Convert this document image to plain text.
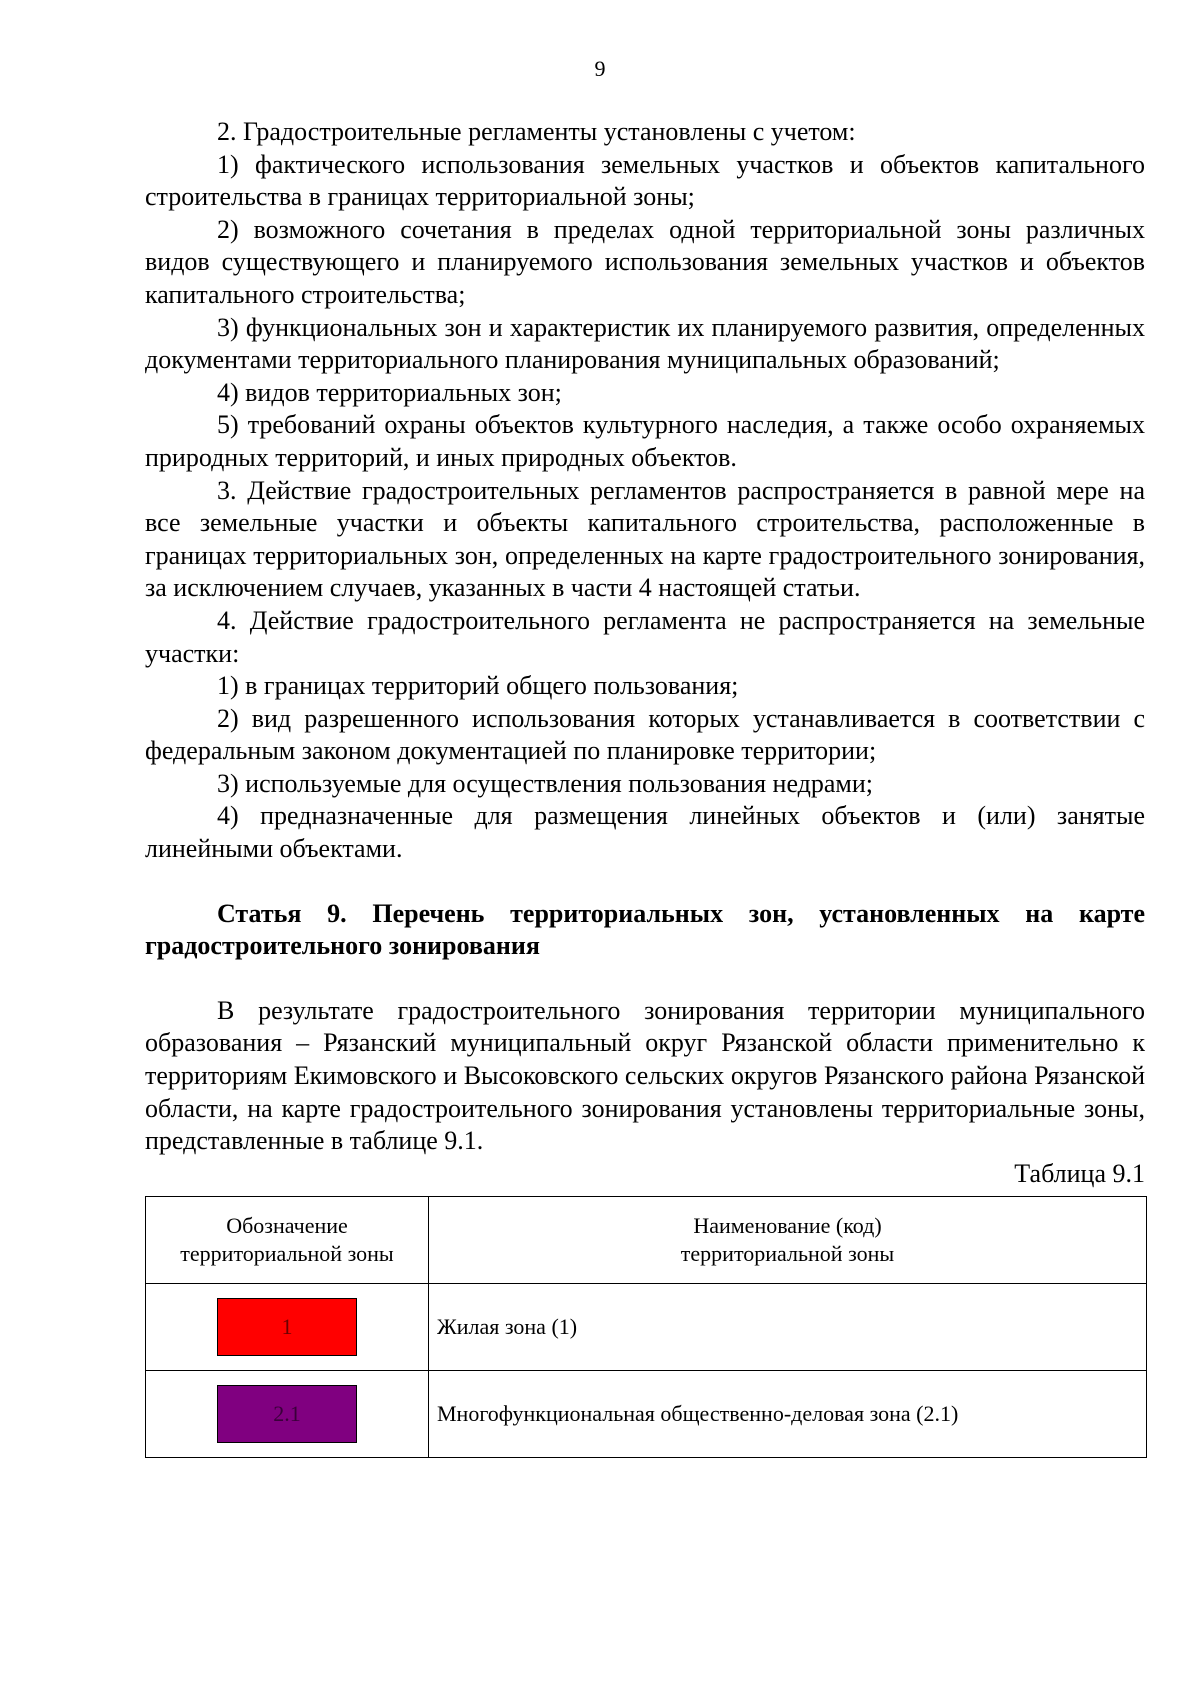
9

2. Градостроительные регламенты установлены с учетом:

1) фактического использования земельных участков и объектов капитального строительства в границах территориальной зоны;

2) возможного сочетания в пределах одной территориальной зоны различных видов существующего и планируемого использования земельных участков и объектов капитального строительства;

3) функциональных зон и характеристик их планируемого развития, определенных документами территориального планирования муниципальных образований;

4) видов территориальных зон;

5) требований охраны объектов культурного наследия, а также особо охраняемых природных территорий, и иных природных объектов.

3. Действие градостроительных регламентов распространяется в равной мере на все земельные участки и объекты капитального строительства, расположенные в границах территориальных зон, определенных на карте градостроительного зонирования, за исключением случаев, указанных в части 4 настоящей статьи.

4. Действие градостроительного регламента не распространяется на земельные участки:

1) в границах территорий общего пользования;

2) вид разрешенного использования которых устанавливается в соответствии с федеральным законом документацией по планировке территории;

3) используемые для осуществления пользования недрами;

4) предназначенные для размещения линейных объектов и (или) занятые линейными объектами.

Статья 9. Перечень территориальных зон, установленных на карте градостроительного зонирования

В результате градостроительного зонирования территории муниципального образования – Рязанский муниципальный округ Рязанской области применительно к территориям Екимовского и Высоковского сельских округов Рязанского района Рязанской области, на карте градостроительного зонирования установлены территориальные зоны, представленные в таблице 9.1.

Таблица 9.1

Обозначение территориальной зоны	Наименование (код)
территориальной зоны

1	Жилая зона (1)
2.1	Многофункциональная общественно-деловая зона (2.1)
